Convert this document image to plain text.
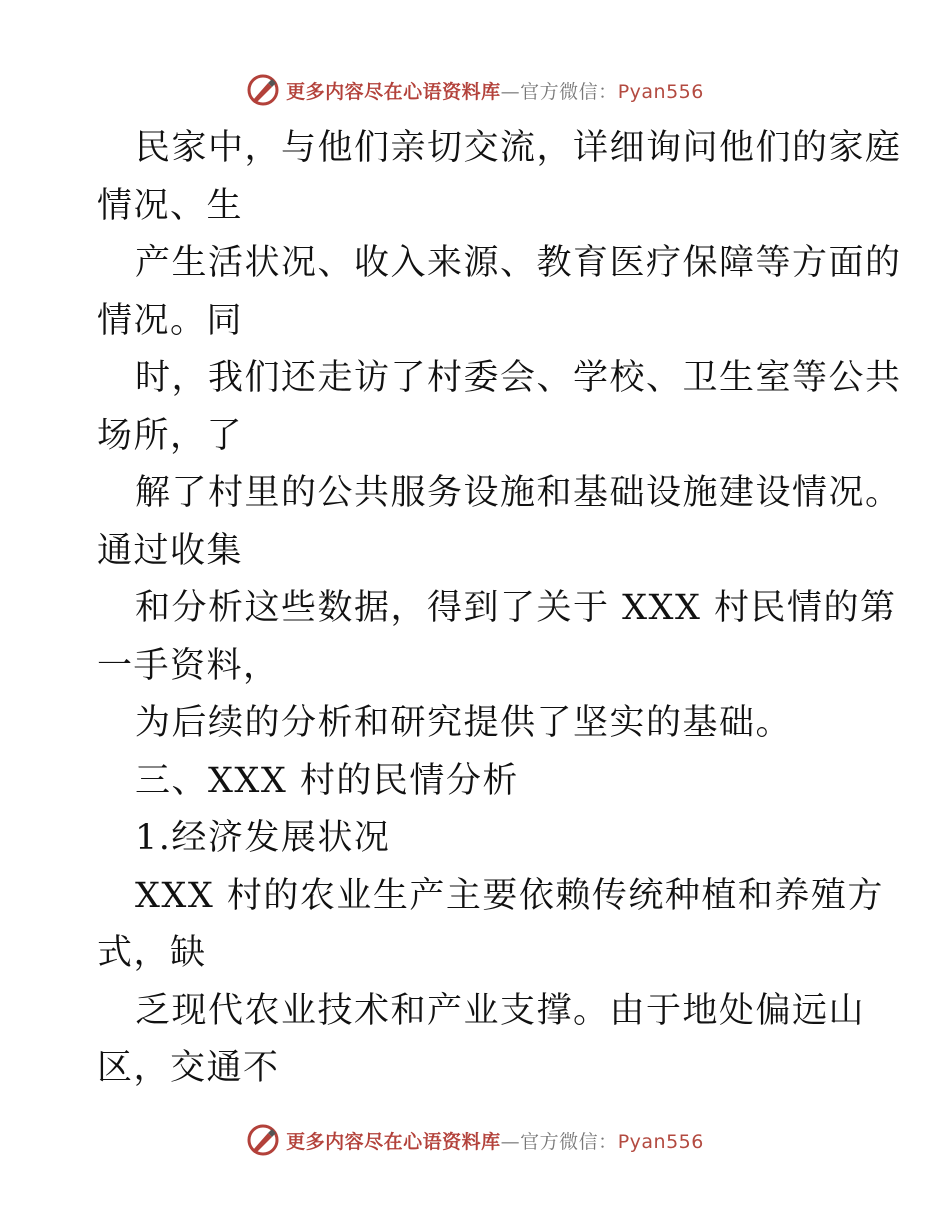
更多内容尽在心语资料库—官方微信：Pyan556
民家中，与他们亲切交流，详细询问他们的家庭
情况、生
产生活状况、收入来源、教育医疗保障等方面的
情况。同
时，我们还走访了村委会、学校、卫生室等公共
场所，了
解了村里的公共服务设施和基础设施建设情况。
通过收集
和分析这些数据，得到了关于 XXX 村民情的第
一手资料，
为后续的分析和研究提供了坚实的基础。
三、XXX 村的民情分析
1.经济发展状况
XXX 村的农业生产主要依赖传统种植和养殖方
式，缺
乏现代农业技术和产业支撑。由于地处偏远山
区，交通不
更多内容尽在心语资料库—官方微信：Pyan556
